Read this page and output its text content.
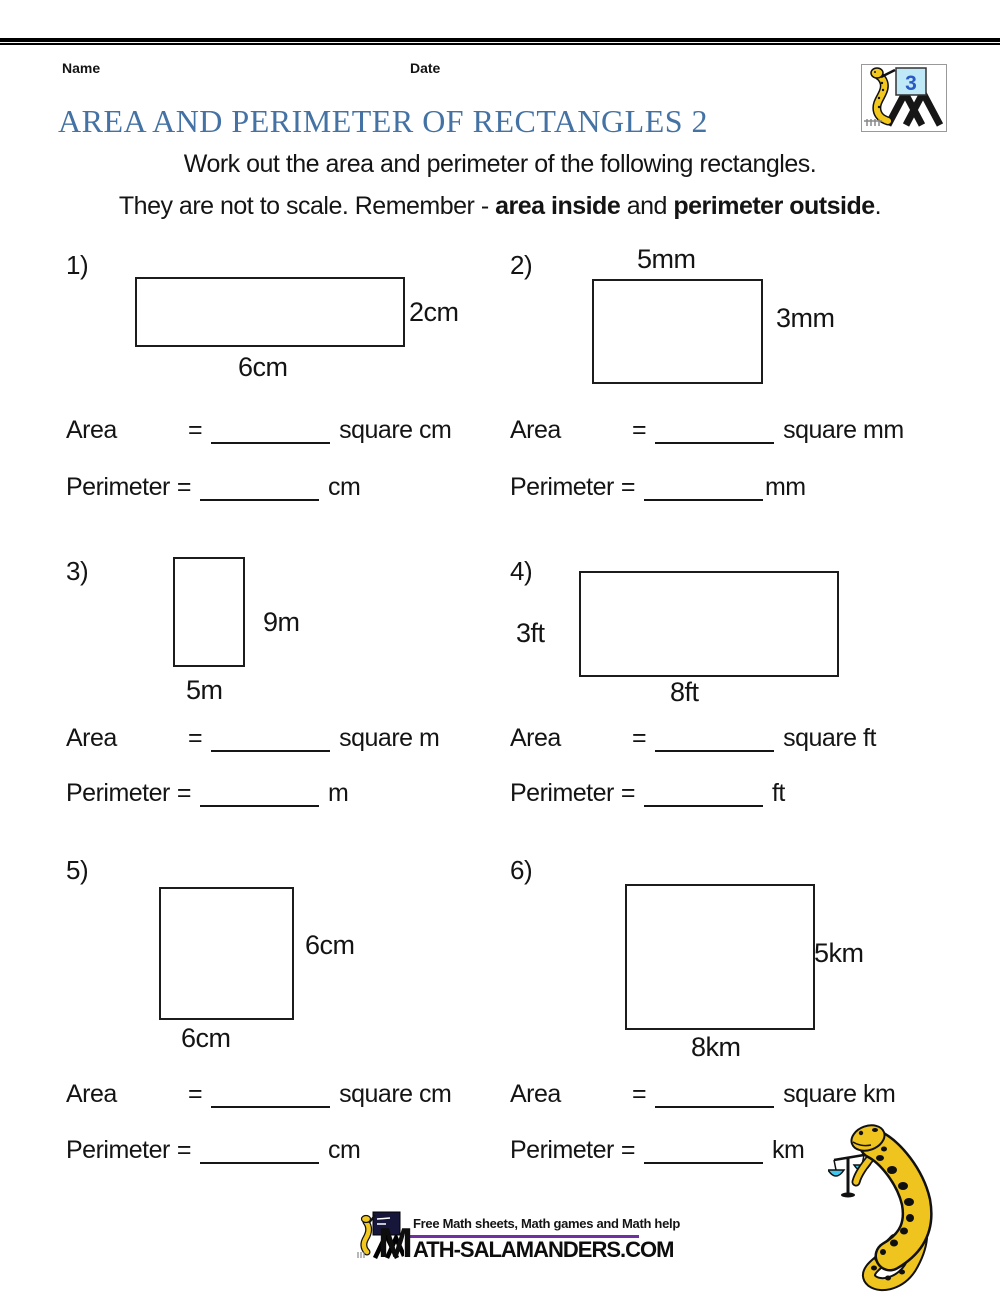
Name	Date
3
AREA AND PERIMETER OF RECTANGLES 2
Work out the area and perimeter of the following rectangles.
They are not to scale. Remember - area inside and perimeter outside.
1)
2cm
6cm
2)	5mm
3mm
Area	=	square cm Area	=	square mm
Perimeter =	cm	Perimeter =	mm
3)
9m
5m
4)
3ft
8ft
Area	=	square m	Area	=	square ft
Perimeter =	m	Perimeter =	ft
5)
6cm
6cm
6)
5km
8km
Area	=	square cm Area	=	square km
Perimeter =	cm	Perimeter =	km
Free Math sheets, Math games and Math help
M ATH-SALAMANDERS.COM
